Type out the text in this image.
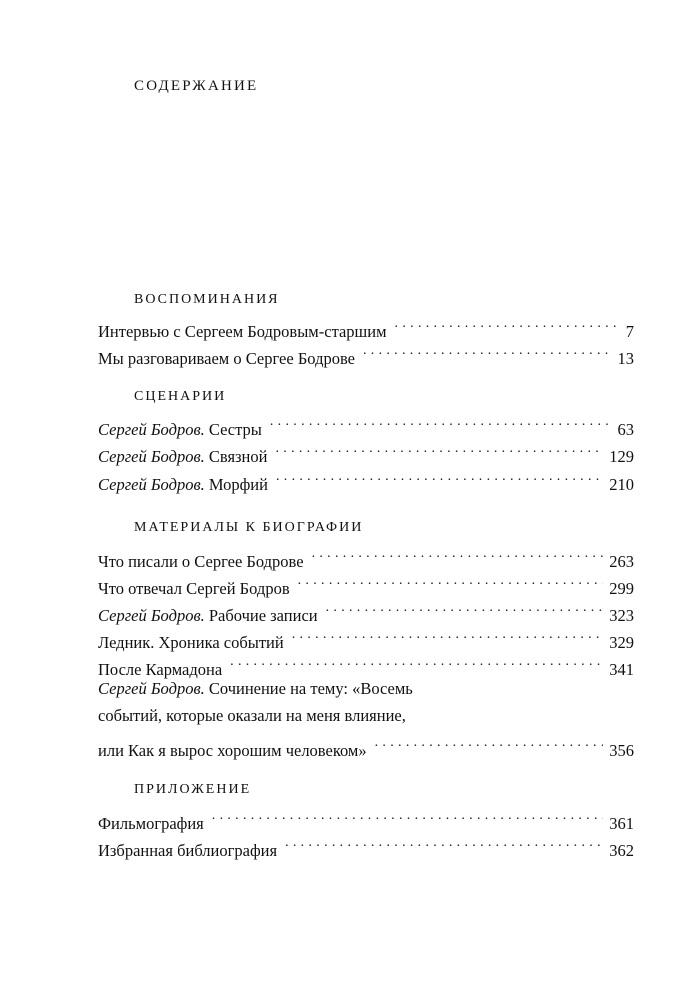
СОДЕРЖАНИЕ
ВОСПОМИНАНИЯ
Интервью с Сергеем Бодровым-старшим . . .	7
Мы разговариваем о Сергее Бодрове . . .	13
СЦЕНАРИИ
Сергей Бодров. Сестры . . .	63
Сергей Бодров. Связной . . .	129
Сергей Бодров. Морфий . . .	210
МАТЕРИАЛЫ К БИОГРАФИИ
Что писали о Сергее Бодрове . . .	263
Что отвечал Сергей Бодров . . .	299
Сергей Бодров. Рабочие записи . . .	323
Ледник. Хроника событий . . .	329
После Кармадона . . .	341
Сергей Бодров. Сочинение на тему: «Восемь
событий, которые оказали на меня влияние,
или Как я вырос хорошим человеком» . . .	356
ПРИЛОЖЕНИЕ
Фильмография . . .	361
Избранная библиография . . .	362
